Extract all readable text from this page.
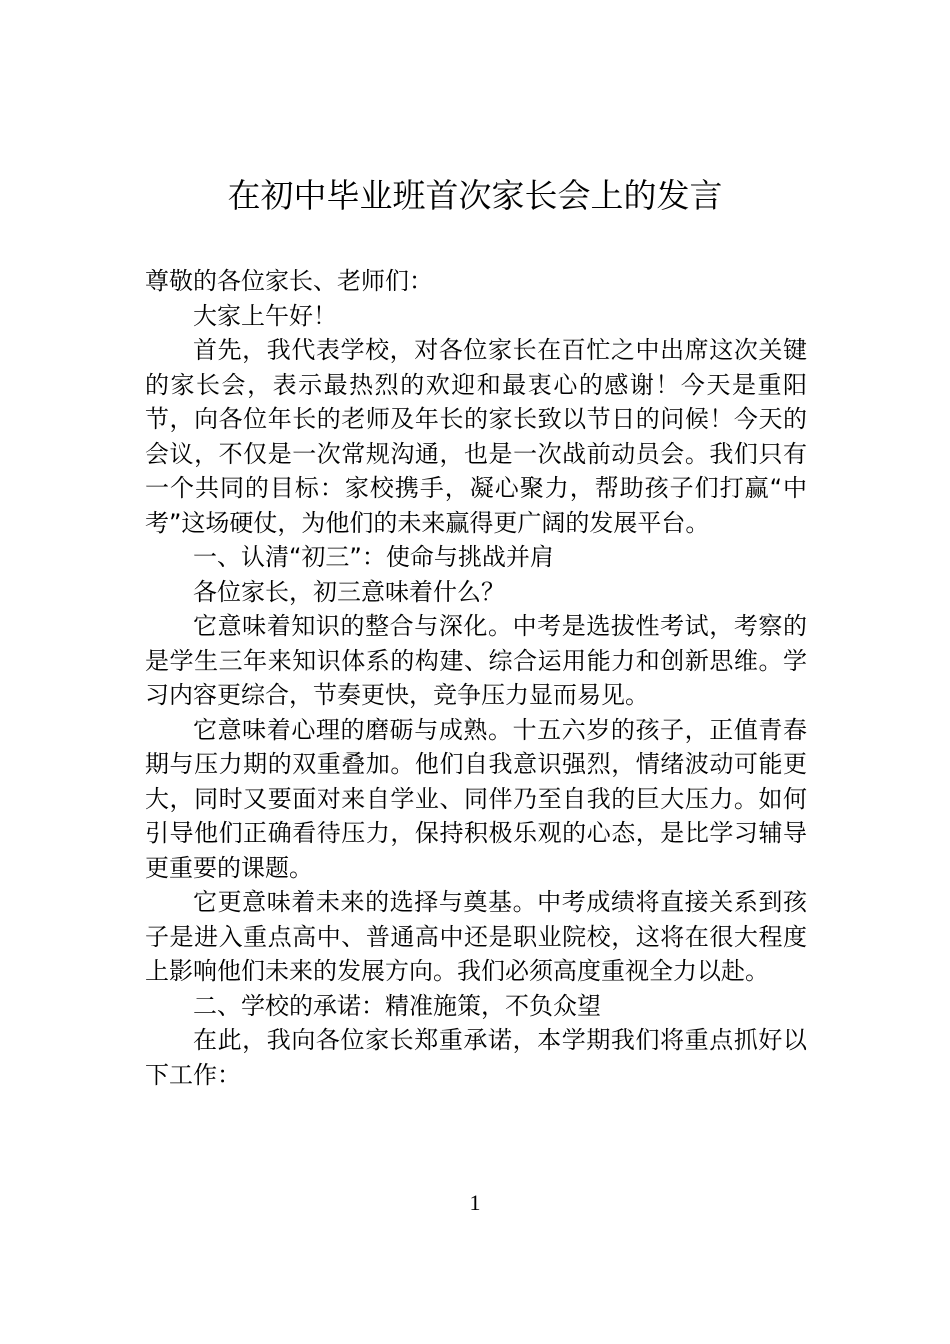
在初中毕业班首次家长会上的发言

尊敬的各位家长、老师们：

大家上午好！

首先，我代表学校，对各位家长在百忙之中出席这次关键的家长会，表示最热烈的欢迎和最衷心的感谢！今天是重阳节，向各位年长的老师及年长的家长致以节日的问候！今天的会议，不仅是一次常规沟通，也是一次战前动员会。我们只有一个共同的目标：家校携手，凝心聚力，帮助孩子们打赢“中考”这场硬仗，为他们的未来赢得更广阔的发展平台。

一、认清“初三”：使命与挑战并肩

各位家长，初三意味着什么？

它意味着知识的整合与深化。中考是选拔性考试，考察的是学生三年来知识体系的构建、综合运用能力和创新思维。学习内容更综合，节奏更快，竞争压力显而易见。

它意味着心理的磨砺与成熟。十五六岁的孩子，正值青春期与压力期的双重叠加。他们自我意识强烈，情绪波动可能更大，同时又要面对来自学业、同伴乃至自我的巨大压力。如何引导他们正确看待压力，保持积极乐观的心态，是比学习辅导更重要的课题。

它更意味着未来的选择与奠基。中考成绩将直接关系到孩子是进入重点高中、普通高中还是职业院校，这将在很大程度上影响他们未来的发展方向。我们必须高度重视全力以赴。

二、学校的承诺：精准施策，不负众望

在此，我向各位家长郑重承诺，本学期我们将重点抓好以下工作：

1
